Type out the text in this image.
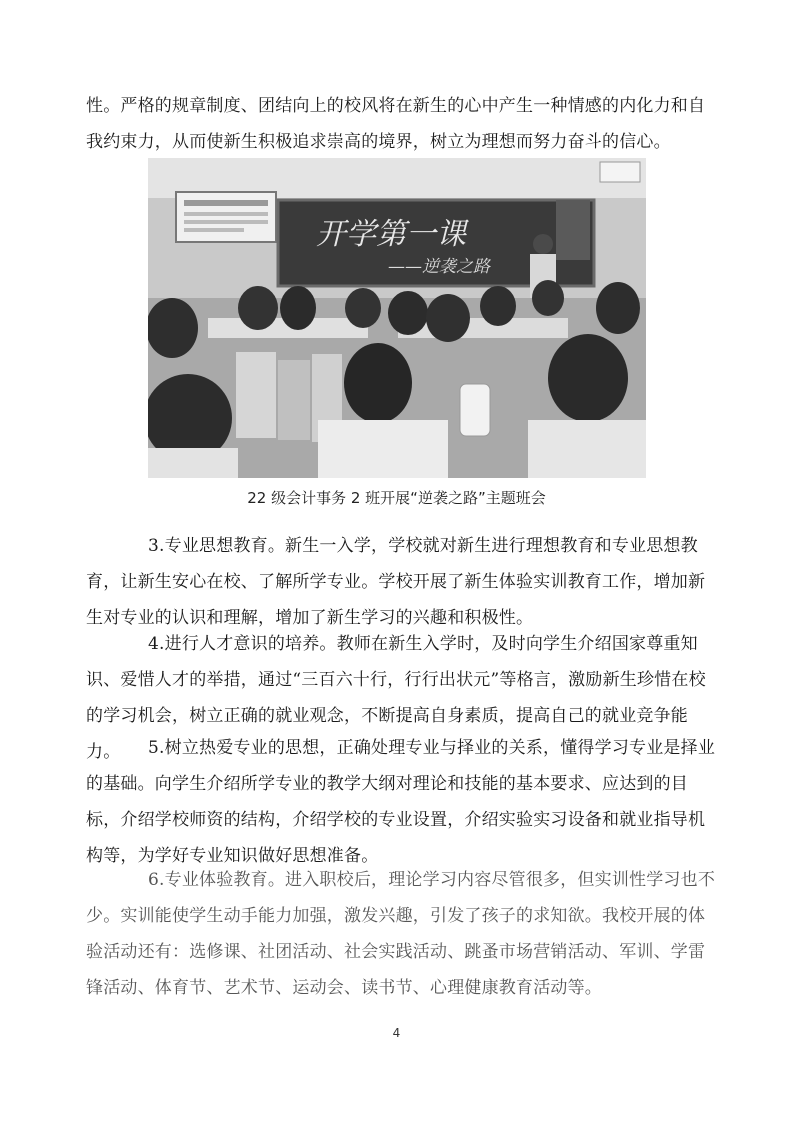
性。严格的规章制度、团结向上的校风将在新生的心中产生一种情感的内化力和自我约束力，从而使新生积极追求崇高的境界，树立为理想而努力奋斗的信心。

开学第一课
——逆袭之路
22 级会计事务 2 班开展“逆袭之路”主题班会

3.专业思想教育。新生一入学，学校就对新生进行理想教育和专业思想教育，让新生安心在校、了解所学专业。学校开展了新生体验实训教育工作，增加新生对专业的认识和理解，增加了新生学习的兴趣和积极性。

4.进行人才意识的培养。教师在新生入学时，及时向学生介绍国家尊重知识、爱惜人才的举措，通过“三百六十行，行行出状元”等格言，激励新生珍惜在校的学习机会，树立正确的就业观念，不断提高自身素质，提高自己的就业竞争能力。	5.树立热爱专业的思想，正确处理专业与择业的关系，懂得学习专业是择业的基础。向学生介绍所学专业的教学大纲对理论和技能的基本要求、应达到的目标，介绍学校师资的结构，介绍学校的专业设置，介绍实验实习设备和就业指导机构等，为学好专业知识做好思想准备。

6.专业体验教育。进入职校后，理论学习内容尽管很多，但实训性学习也不少。实训能使学生动手能力加强，激发兴趣，引发了孩子的求知欲。我校开展的体验活动还有：选修课、社团活动、社会实践活动、跳蚤市场营销活动、军训、学雷锋活动、体育节、艺术节、运动会、读书节、心理健康教育活动等。

4
